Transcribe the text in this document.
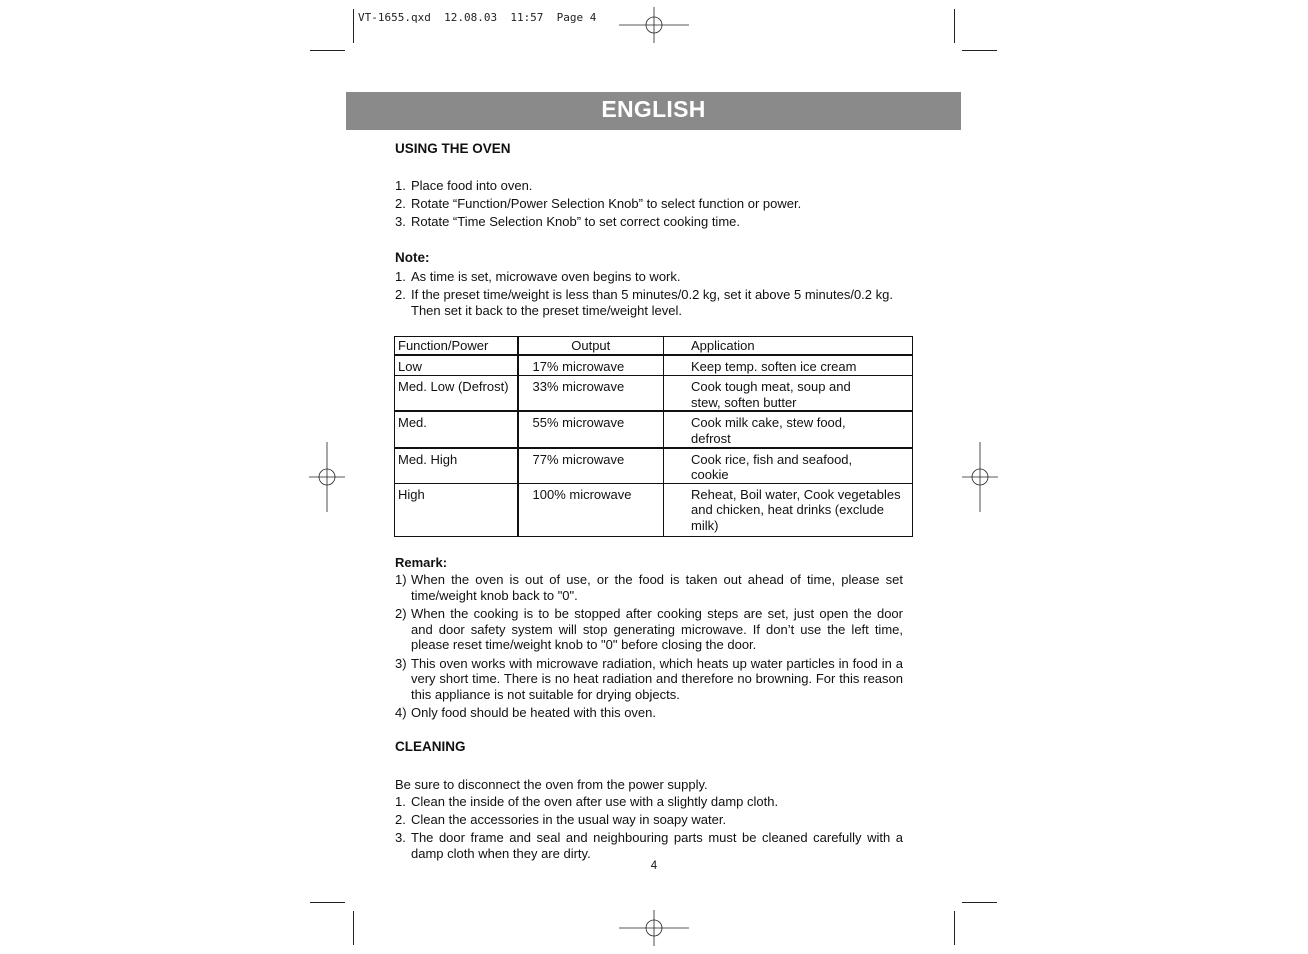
VT-1655.qxd  12.08.03  11:57  Page 4
ENGLISH
USING THE OVEN

1. Place food into oven.

2. Rotate “Function/Power Selection Knob” to select function or power.

3. Rotate “Time Selection Knob” to set correct cooking time.

Note:

1. As time is set, microwave oven begins to work.

2. If the preset time/weight is less than 5 minutes/0.2 kg, set it above 5 minutes/0.2 kg. Then set it back to the preset time/weight level.

Function/Power	Output	Application
Low	17% microwave	Keep temp. soften ice cream
Med. Low (Defrost)	33% microwave	Cook tough meat, soup and stew, soften butter
Med.	55% microwave	Cook milk cake, stew food, defrost
Med. High	77% microwave	Cook rice, fish and seafood, cookie
High	100% microwave	Reheat, Boil water, Cook vegetables and chicken, heat drinks (exclude milk)
Remark:

1) When the oven is out of use, or the food is taken out ahead of time, please set time/weight knob back to "0".

2) When the cooking is to be stopped after cooking steps are set, just open the door and door safety system will stop generating microwave. If don’t use the left time, please reset time/weight knob to "0" before closing the door.

3) This oven works with microwave radiation, which heats up water particles in food in a very short time. There is no heat radiation and therefore no browning. For this reason this appliance is not suitable for drying objects.

4) Only food should be heated with this oven.

CLEANING
Be sure to disconnect the oven from the power supply.

1. Clean the inside of the oven after use with a slightly damp cloth.

2. Clean the accessories in the usual way in soapy water.

3. The door frame and seal and neighbouring parts must be cleaned carefully with a damp cloth when they are dirty.

4
